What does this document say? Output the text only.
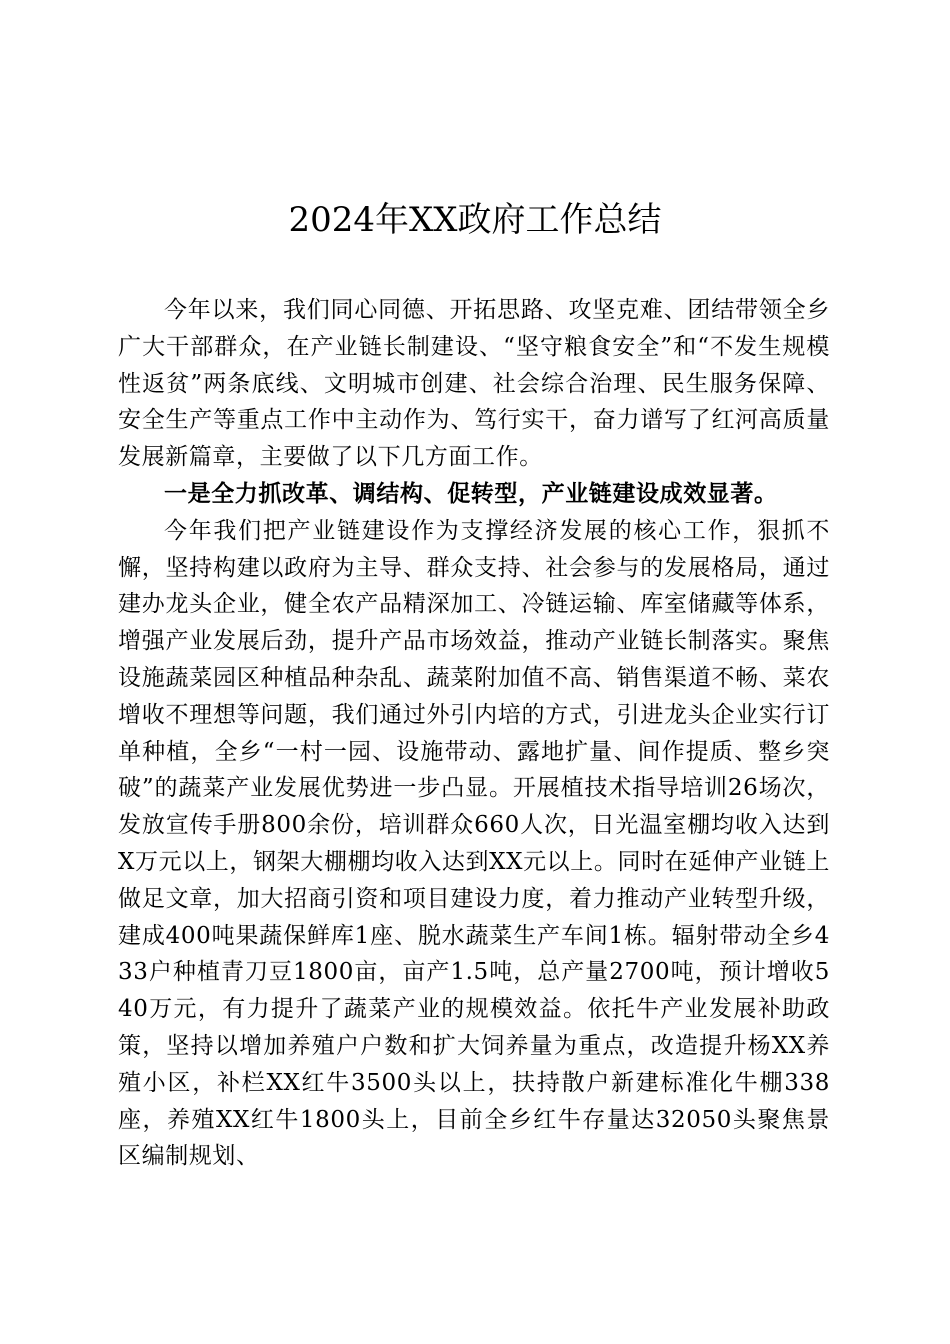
2024年XX政府工作总结

今年以来，我们同心同德、开拓思路、攻坚克难、团结带领全乡广大干部群众，在产业链长制建设、“坚守粮食安全”和“不发生规模性返贫”两条底线、文明城市创建、社会综合治理、民生服务保障、安全生产等重点工作中主动作为、笃行实干，奋力谱写了红河高质量发展新篇章，主要做了以下几方面工作。

一是全力抓改革、调结构、促转型，产业链建设成效显著。

今年我们把产业链建设作为支撑经济发展的核心工作，狠抓不懈，坚持构建以政府为主导、群众支持、社会参与的发展格局，通过建办龙头企业，健全农产品精深加工、冷链运输、库室储藏等体系，增强产业发展后劲，提升产品市场效益，推动产业链长制落实。聚焦设施蔬菜园区种植品种杂乱、蔬菜附加值不高、销售渠道不畅、菜农增收不理想等问题，我们通过外引内培的方式，引进龙头企业实行订单种植，全乡“一村一园、设施带动、露地扩量、间作提质、整乡突破”的蔬菜产业发展优势进一步凸显。开展植技术指导培训26场次，发放宣传手册800余份，培训群众660人次，日光温室棚均收入达到X万元以上，钢架大棚棚均收入达到XX元以上。同时在延伸产业链上做足文章，加大招商引资和项目建设力度，着力推动产业转型升级，建成400吨果蔬保鲜库1座、脱水蔬菜生产车间1栋。辐射带动全乡433户种植青刀豆1800亩，亩产1.5吨，总产量2700吨，预计增收540万元，有力提升了蔬菜产业的规模效益。依托牛产业发展补助政策，坚持以增加养殖户户数和扩大饲养量为重点，改造提升杨XX养殖小区，补栏XX红牛3500头以上，扶持散户新建标准化牛棚338座，养殖XX红牛1800头上，目前全乡红牛存量达32050头聚焦景区编制规划、
